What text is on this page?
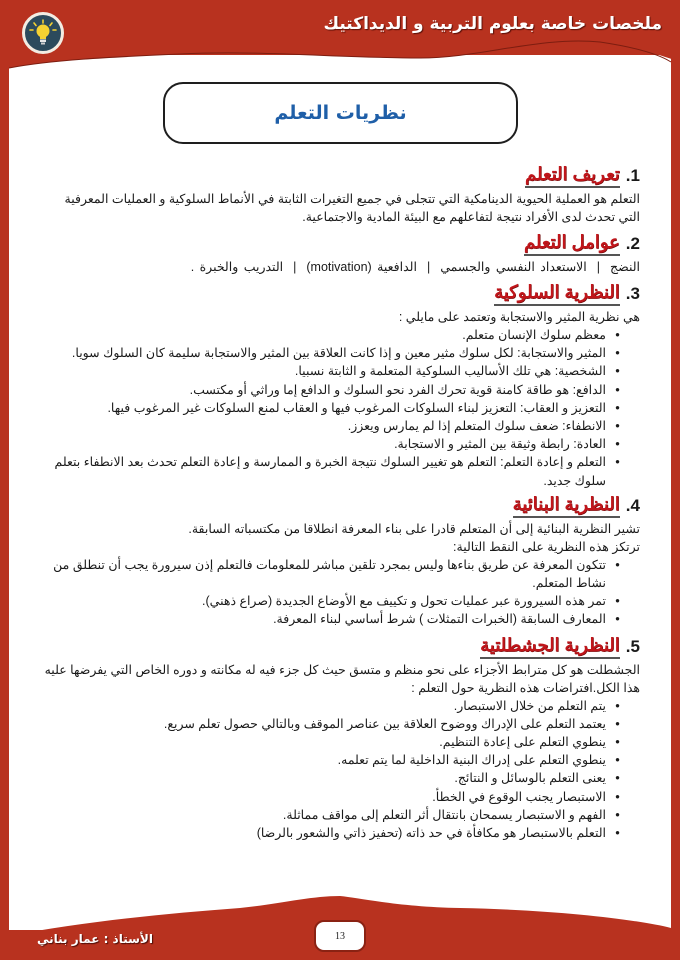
ملخصات خاصة بعلوم التربية و الديداكتيك
نظريات التعلم
1.
تعريف التعلم

التعلم هو العملية الحيوية الدينامكية التي تتجلى في جميع التغيرات الثابتة في الأنماط السلوكية و العمليات المعرفية التي تحدث لدى الأفراد نتيجة لتفاعلهم مع البيئة المادية والاجتماعية.

2.
عوامل التعلم
النضج|الاستعداد النفسي والجسمي|الدافعية (motivation)|التدريب والخبرة .
3.
النظرية السلوكية

هي نظرية المثير والاستجابة وتعتمد على مايلي :

● معظم سلوك الإنسان متعلم.
● المثير والاستجابة: لكل سلوك مثير معين و إذا كانت العلاقة بين المثير والاستجابة سليمة كان السلوك سويا.
● الشخصية: هي تلك الأساليب السلوكية المتعلمة و الثابتة نسبيا.
● الدافع: هو طاقة كامنة قوية تحرك الفرد نحو السلوك و الدافع إما وراثي أو مكتسب.
● التعزيز و العقاب: التعزيز لبناء السلوكات المرغوب فيها و العقاب لمنع السلوكات غير المرغوب فيها.
● الانطفاء: ضعف سلوك المتعلم إذا لم يمارس ويعزز.
● العادة: رابطة وثيقة بين المثير و الاستجابة.
● التعلم و إعادة التعلم: التعلم هو تغيير السلوك نتيجة الخبرة و الممارسة و إعادة التعلم تحدث بعد الانطفاء بتعلم سلوك جديد.
4.
النظرية البنائية

تشير النظرية البنائية إلى أن المتعلم قادرا على بناء المعرفة انطلاقا من مكتسباته السابقة.

ترتكز هذه النظرية على النقط التالية:

● تتكون المعرفة عن طريق بناءها وليس بمجرد تلقين مباشر للمعلومات فالتعلم إذن سيرورة يجب أن تنطلق من نشاط المتعلم.
● تمر هذه السيرورة عبر عمليات تحول و تكييف مع الأوضاع الجديدة (صراع ذهني).
● المعارف السابقة (الخبرات التمثلات ) شرط أساسي لبناء المعرفة.
5.
النظرية الجشطلتية

الجشطلت هو كل مترابط الأجزاء على نحو منظم و متسق حيث كل جزء فيه له مكانته و دوره الخاص التي يفرضها عليه هذا الكل.افتراضات هذه النظرية حول التعلم :

● يتم التعلم من خلال الاستبصار.
● يعتمد التعلم على الإدراك ووضوح العلاقة بين عناصر الموقف وبالتالي حصول تعلم سريع.
● ينطوي التعلم على إعادة التنظيم.
● ينطوي التعلم على إدراك البنية الداخلية لما يتم تعلمه.
● يعنى التعلم بالوسائل و النتائج.
● الاستبصار يجنب الوقوع في الخطأ.
● الفهم و الاستبصار يسمحان بانتقال أثر التعلم إلى مواقف مماثلة.
● التعلم بالاستبصار هو مكافأة في حد ذاته (تحفيز ذاتي والشعور بالرضا)
13
الأستاذ : عمار بناني
